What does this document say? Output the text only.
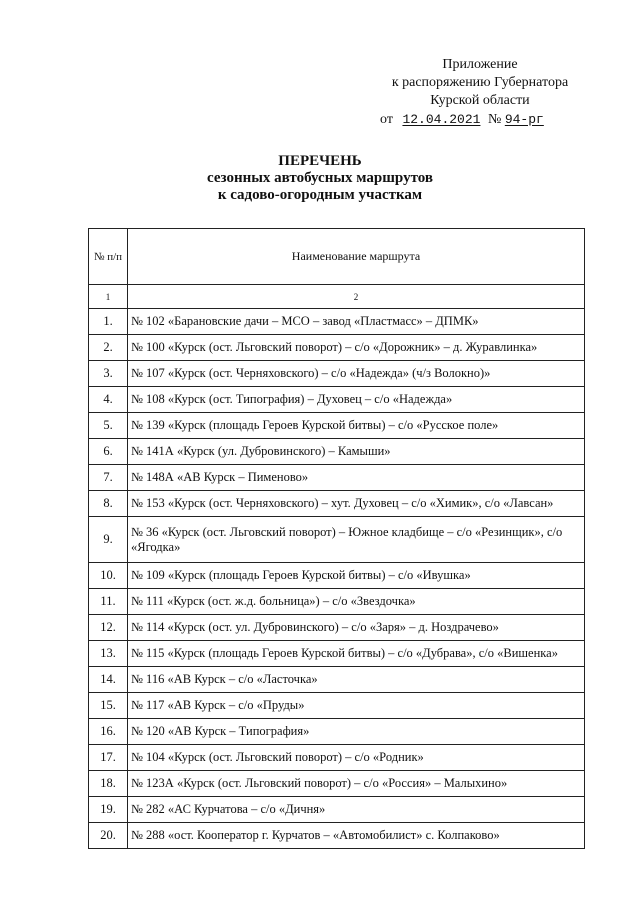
Приложение
к распоряжению Губернатора
Курской области
от 12.04.2021 № 94-рг
ПЕРЕЧЕНЬ
сезонных автобусных маршрутов
к садово-огородным участкам
№ п/п	Наименование маршрута
1	2
1.	№ 102 «Барановские дачи – МСО – завод «Пластмасс» – ДПМК»
2.	№ 100 «Курск (ост. Льговский поворот) – с/о «Дорожник» – д. Журавлинка»
3.	№ 107 «Курск (ост. Черняховского) – с/о «Надежда» (ч/з Волокно)»
4.	№ 108 «Курск (ост. Типография) – Духовец – с/о «Надежда»
5.	№ 139 «Курск (площадь Героев Курской битвы) – с/о «Русское поле»
6.	№ 141А «Курск (ул. Дубровинского) – Камыши»
7.	№ 148А «АВ Курск – Пименово»
8.	№ 153 «Курск (ост. Черняховского) – хут. Духовец – с/о «Химик», с/о «Лавсан»
9.	№ 36 «Курск (ост. Льговский поворот) – Южное кладбище – с/о «Резинщик», с/о «Ягодка»
10.	№ 109 «Курск (площадь Героев Курской битвы) – с/о «Ивушка»
11.	№ 111 «Курск (ост. ж.д. больница») – с/о «Звездочка»
12.	№ 114 «Курск (ост. ул. Дубровинского) – с/о «Заря» – д. Ноздрачево»
13.	№ 115 «Курск (площадь Героев Курской битвы) – с/о «Дубрава», с/о «Вишенка»
14.	№ 116 «АВ Курск – с/о «Ласточка»
15.	№ 117 «АВ Курск – с/о «Пруды»
16.	№ 120 «АВ Курск – Типография»
17.	№ 104 «Курск (ост. Льговский поворот) – с/о «Родник»
18.	№ 123А «Курск (ост. Льговский поворот) – с/о «Россия» – Малыхино»
19.	№ 282 «АС Курчатова – с/о «Дичня»
20.	№ 288 «ост. Кооператор г. Курчатов – «Автомобилист» с. Колпаково»
